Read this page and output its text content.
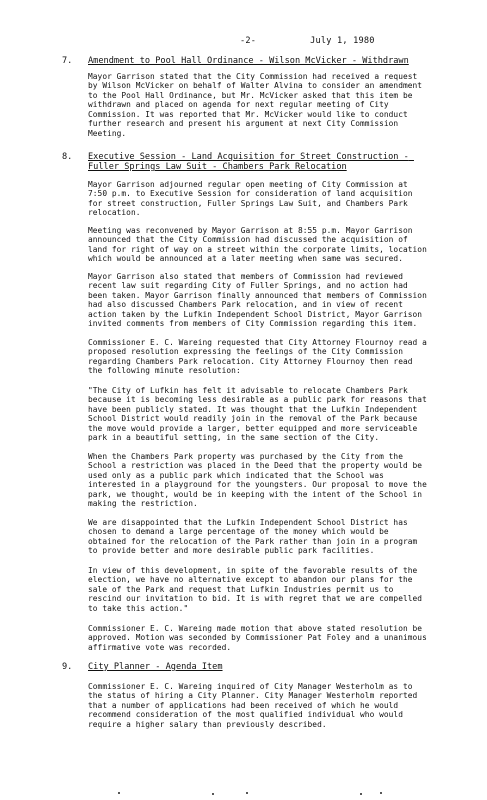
-2-	July 1, 1980
7. Amendment to Pool Hall Ordinance - Wilson McVicker - Withdrawn

Mayor Garrison stated that the City Commission had received a request by Wilson McVicker on behalf of Walter Alvina to consider an amendment to the Pool Hall Ordinance, but Mr. McVicker asked that this item be withdrawn and placed on agenda for next regular meeting of City Commission. It was reported that Mr. McVicker would like to conduct further research and present his argument at next City Commission Meeting.

8. Executive Session - Land Acquisition for Street Construction - Fuller Springs Law Suit - Chambers Park Relocation

Mayor Garrison adjourned regular open meeting of City Commission at 7:50 p.m. to Executive Session for consideration of land acquisition for street construction, Fuller Springs Law Suit, and Chambers Park relocation.

Meeting was reconvened by Mayor Garrison at 8:55 p.m. Mayor Garrison announced that the City Commission had discussed the acquisition of land for right of way on a street within the corporate limits, location which would be announced at a later meeting when same was secured.

Mayor Garrison also stated that members of Commission had reviewed recent law suit regarding City of Fuller Springs, and no action had been taken. Mayor Garrison finally announced that members of Commission had also discussed Chambers Park relocation, and in view of recent action taken by the Lufkin Independent School District, Mayor Garrison invited comments from members of City Commission regarding this item.

Commissioner E. C. Wareing requested that City Attorney Flournoy read a proposed resolution expressing the feelings of the City Commission regarding Chambers Park relocation. City Attorney Flournoy then read the following minute resolution:

"The City of Lufkin has felt it advisable to relocate Chambers Park because it is becoming less desirable as a public park for reasons that have been publicly stated. It was thought that the Lufkin Independent School District would readily join in the removal of the Park because the move would provide a larger, better equipped and more serviceable park in a beautiful setting, in the same section of the City.

When the Chambers Park property was purchased by the City from the School a restriction was placed in the Deed that the property would be used only as a public park which indicated that the School was interested in a playground for the youngsters. Our proposal to move the park, we thought, would be in keeping with the intent of the School in making the restriction.

We are disappointed that the Lufkin Independent School District has chosen to demand a large percentage of the money which would be obtained for the relocation of the Park rather than join in a program to provide better and more desirable public park facilities.

In view of this development, in spite of the favorable results of the election, we have no alternative except to abandon our plans for the sale of the Park and request that Lufkin Industries permit us to rescind our invitation to bid. It is with regret that we are compelled to take this action."

Commissioner E. C. Wareing made motion that above stated resolution be approved. Motion was seconded by Commissioner Pat Foley and a unanimous affirmative vote was recorded.

9. City Planner - Agenda Item

Commissioner E. C. Wareing inquired of City Manager Westerholm as to the status of hiring a City Planner. City Manager Westerholm reported that a number of applications had been received of which he would recommend consideration of the most qualified individual who would require a higher salary than previously described.
